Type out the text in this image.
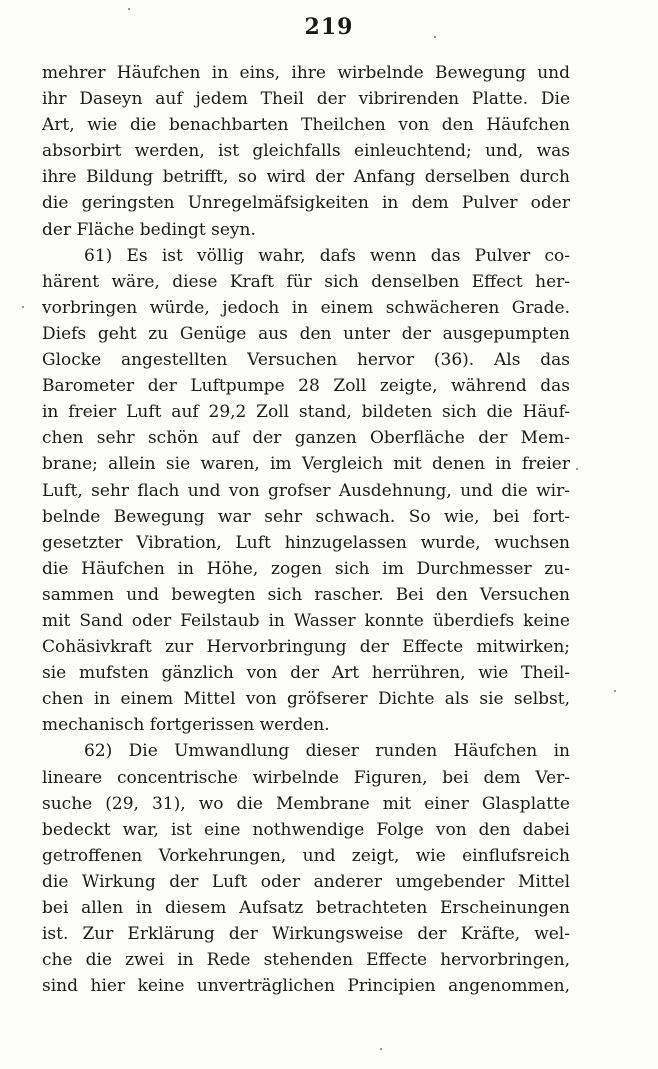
219
mehrer Häufchen in eins, ihre wirbelnde Bewegung und
ihr Daseyn auf jedem Theil der vibrirenden Platte. Die
Art, wie die benachbarten Theilchen von den Häufchen
absorbirt werden, ist gleichfalls einleuchtend; und, was
ihre Bildung betrifft, so wird der Anfang derselben durch
die geringsten Unregelmäfsigkeiten in dem Pulver oder
der Fläche bedingt seyn.
61) Es ist völlig wahr, dafs wenn das Pulver co-
härent wäre, diese Kraft für sich denselben Effect her-
vorbringen würde, jedoch in einem schwächeren Grade.
Diefs geht zu Genüge aus den unter der ausgepumpten
Glocke angestellten Versuchen hervor (36). Als das
Barometer der Luftpumpe 28 Zoll zeigte, während das
in freier Luft auf 29,2 Zoll stand, bildeten sich die Häuf-
chen sehr schön auf der ganzen Oberfläche der Mem-
brane; allein sie waren, im Vergleich mit denen in freier
Luft, sehr flach und von grofser Ausdehnung, und die wir-
belnde Bewegung war sehr schwach. So wie, bei fort-
gesetzter Vibration, Luft hinzugelassen wurde, wuchsen
die Häufchen in Höhe, zogen sich im Durchmesser zu-
sammen und bewegten sich rascher. Bei den Versuchen
mit Sand oder Feilstaub in Wasser konnte überdiefs keine
Cohäsivkraft zur Hervorbringung der Effecte mitwirken;
sie mufsten gänzlich von der Art herrühren, wie Theil-
chen in einem Mittel von gröfserer Dichte als sie selbst,
mechanisch fortgerissen werden.
62) Die Umwandlung dieser runden Häufchen in
lineare concentrische wirbelnde Figuren, bei dem Ver-
suche (29, 31), wo die Membrane mit einer Glasplatte
bedeckt war, ist eine nothwendige Folge von den dabei
getroffenen Vorkehrungen, und zeigt, wie einflufsreich
die Wirkung der Luft oder anderer umgebender Mittel
bei allen in diesem Aufsatz betrachteten Erscheinungen
ist. Zur Erklärung der Wirkungsweise der Kräfte, wel-
che die zwei in Rede stehenden Effecte hervorbringen,
sind hier keine unverträglichen Principien angenommen,
